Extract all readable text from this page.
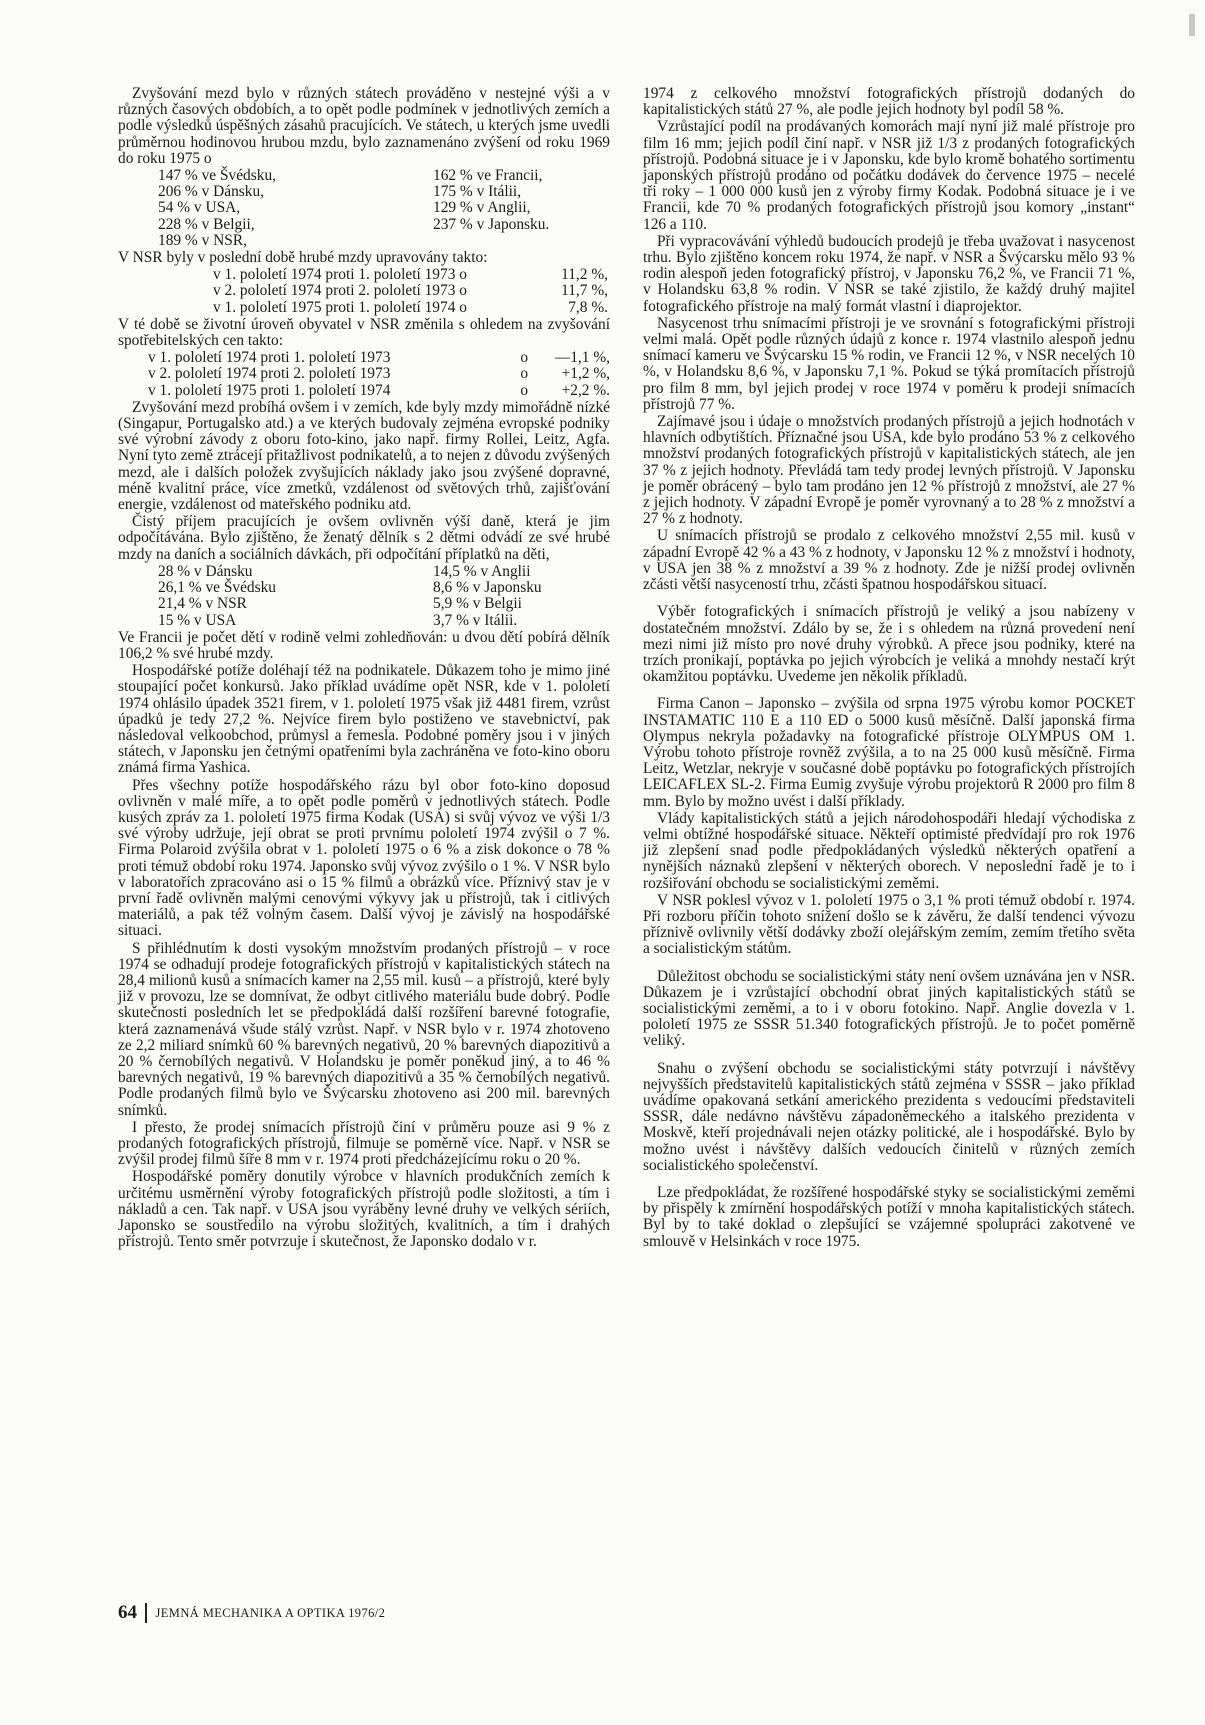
Zvyšování mezd bylo v různých státech prováděno v nestejné výši a v různých časových obdobích, a to opět podle podmínek v jednotlivých zemích a podle výsledků úspěšných zásahů pracujících. Ve státech, u kterých jsme uvedli průměrnou hodinovou hrubou mzdu, bylo zaznamenáno zvýšení od roku 1969 do roku 1975 o

147 % ve Švédsku,	162 % ve Francii,
206 % v Dánsku,	175 % v Itálii,
54 % v USA,	129 % v Anglii,
228 % v Belgii,	237 % v Japonsku.
189 % v NSR,	

V NSR byly v poslední době hrubé mzdy upravovány takto:

v 1. pololetí 1974 proti 1. pololetí 1973 o	11,2 %,
v 2. pololetí 1974 proti 2. pololetí 1973 o	11,7 %,
v 1. pololetí 1975 proti 1. pololetí 1974 o	7,8 %.

V té době se životní úroveň obyvatel v NSR změnila s ohledem na zvyšování spotřebitelských cen takto:

v 1. pololetí 1974 proti 1. pololetí 1973	o	—1,1 %,
v 2. pololetí 1974 proti 2. pololetí 1973	o	+1,2 %,
v 1. pololetí 1975 proti 1. pololetí 1974	o	+2,2 %.

Zvyšování mezd probíhá ovšem i v zemích, kde byly mzdy mimořádně nízké (Singapur, Portugalsko atd.) a ve kterých budovaly zejména evropské podniky své výrobní závody z oboru foto-kino, jako např. firmy Rollei, Leitz, Agfa. Nyní tyto země ztrácejí přitažlivost podnikatelů, a to nejen z důvodu zvýšených mezd, ale i dalších položek zvyšujících náklady jako jsou zvýšené dopravné, méně kvalitní práce, více zmetků, vzdálenost od světových trhů, zajišťování energie, vzdálenost od mateřského podniku atd.

Čistý příjem pracujících je ovšem ovlivněn výší daně, která je jim odpočítávána. Bylo zjištěno, že ženatý dělník s 2 dětmi odvádí ze své hrubé mzdy na daních a sociálních dávkách, při odpočítání příplatků na děti,

28 % v Dánsku	14,5 % v Anglii
26,1 % ve Švédsku	8,6 % v Japonsku
21,4 % v NSR	5,9 % v Belgii
15 % v USA	3,7 % v Itálii.

Ve Francii je počet dětí v rodině velmi zohledňován: u dvou dětí pobírá dělník 106,2 % své hrubé mzdy.

Hospodářské potíže doléhají též na podnikatele. Důkazem toho je mimo jiné stoupající počet konkursů. Jako příklad uvádíme opět NSR, kde v 1. pololetí 1974 ohlásilo úpadek 3521 firem, v 1. pololetí 1975 však již 4481 firem, vzrůst úpadků je tedy 27,2 %. Nejvíce firem bylo postiženo ve stavebnictví, pak následoval velkoobchod, průmysl a řemesla. Podobné poměry jsou i v jiných státech, v Japonsku jen četnými opatřeními byla zachráněna ve foto-kino oboru známá firma Yashica.

Přes všechny potíže hospodářského rázu byl obor foto-kino doposud ovlivněn v malé míře, a to opět podle poměrů v jednotlivých státech. Podle kusých zpráv za 1. pololetí 1975 firma Kodak (USA) si svůj vývoz ve výši 1/3 své výroby udržuje, její obrat se proti prvnímu pololetí 1974 zvýšil o 7 %. Firma Polaroid zvýšila obrat v 1. pololetí 1975 o 6 % a zisk dokonce o 78 % proti témuž období roku 1974. Japonsko svůj vývoz zvýšilo o 1 %. V NSR bylo v laboratořích zpracováno asi o 15 % filmů a obrázků více. Příznivý stav je v první řadě ovlivněn malými cenovými výkyvy jak u přístrojů, tak i citlivých materiálů, a pak též volným časem. Další vývoj je závislý na hospodářské situaci.

S přihlédnutím k dosti vysokým množstvím prodaných přístrojů – v roce 1974 se odhadují prodeje fotografických přístrojů v kapitalistických státech na 28,4 milionů kusů a snímacích kamer na 2,55 mil. kusů – a přístrojů, které byly již v provozu, lze se domnívat, že odbyt citlivého materiálu bude dobrý. Podle skutečnosti posledních let se předpokládá další rozšíření barevné fotografie, která zaznamenává všude stálý vzrůst. Např. v NSR bylo v r. 1974 zhotoveno ze 2,2 miliard snímků 60 % barevných negativů, 20 % barevných diapozitivů a 20 % černobílých negativů. V Holandsku je poměr poněkud jiný, a to 46 % barevných negativů, 19 % barevných diapozitivů a 35 % černobílých negativů. Podle prodaných filmů bylo ve Švýcarsku zhotoveno asi 200 mil. barevných snímků.

I přesto, že prodej snímacích přístrojů činí v průměru pouze asi 9 % z prodaných fotografických přístrojů, filmuje se poměrně více. Např. v NSR se zvýšil prodej filmů šíře 8 mm v r. 1974 proti předcházejícímu roku o 20 %.

Hospodářské poměry donutily výrobce v hlavních produkčních zemích k určitému usměrnění výroby fotografických přístrojů podle složitosti, a tím i nákladů a cen. Tak např. v USA jsou vyráběny levné druhy ve velkých sériích, Japonsko se soustředilo na výrobu složitých, kvalitních, a tím i drahých přístrojů. Tento směr potvrzuje i skutečnost, že Japonsko dodalo v r.

1974 z celkového množství fotografických přístrojů dodaných do kapitalistických států 27 %, ale podle jejich hodnoty byl podíl 58 %.

Vzrůstající podíl na prodávaných komorách mají nyní již malé přístroje pro film 16 mm; jejich podíl činí např. v NSR již 1/3 z prodaných fotografických přístrojů. Podobná situace je i v Japonsku, kde bylo kromě bohatého sortimentu japonských přístrojů prodáno od počátku dodávek do července 1975 – necelé tři roky – 1 000 000 kusů jen z výroby firmy Kodak. Podobná situace je i ve Francii, kde 70 % prodaných fotografických přístrojů jsou komory „instant“ 126 a 110.

Při vypracovávání výhledů budoucích prodejů je třeba uvažovat i nasycenost trhu. Bylo zjištěno koncem roku 1974, že např. v NSR a Švýcarsku mělo 93 % rodin alespoň jeden fotografický přístroj, v Japonsku 76,2 %, ve Francii 71 %, v Holandsku 63,8 % rodin. V NSR se také zjistilo, že každý druhý majitel fotografického přístroje na malý formát vlastní i diaprojektor.

Nasycenost trhu snímacími přístroji je ve srovnání s fotografickými přístroji velmi malá. Opět podle různých údajů z konce r. 1974 vlastnilo alespoň jednu snímací kameru ve Švýcarsku 15 % rodin, ve Francii 12 %, v NSR necelých 10 %, v Holandsku 8,6 %, v Japonsku 7,1 %. Pokud se týká promítacích přístrojů pro film 8 mm, byl jejich prodej v roce 1974 v poměru k prodeji snímacích přístrojů 77 %.

Zajímavé jsou i údaje o množstvích prodaných přístrojů a jejich hodnotách v hlavních odbytištích. Příznačné jsou USA, kde bylo prodáno 53 % z celkového množství prodaných fotografických přístrojů v kapitalistických státech, ale jen 37 % z jejich hodnoty. Převládá tam tedy prodej levných přístrojů. V Japonsku je poměr obrácený – bylo tam prodáno jen 12 % přístrojů z množství, ale 27 % z jejich hodnoty. V západní Evropě je poměr vyrovnaný a to 28 % z množství a 27 % z hodnoty.

U snímacích přístrojů se prodalo z celkového množství 2,55 mil. kusů v západní Evropě 42 % a 43 % z hodnoty, v Japonsku 12 % z množství i hodnoty, v USA jen 38 % z množství a 39 % z hodnoty. Zde je nižší prodej ovlivněn zčásti větší nasyceností trhu, zčásti špatnou hospodářskou situací.

Výběr fotografických i snímacích přístrojů je veliký a jsou nabízeny v dostatečném množství. Zdálo by se, že i s ohledem na různá provedení není mezi nimi již místo pro nové druhy výrobků. A přece jsou podniky, které na trzích pronikají, poptávka po jejich výrobcích je veliká a mnohdy nestačí krýt okamžitou poptávku. Uvedeme jen několik příkladů.

Firma Canon – Japonsko – zvýšila od srpna 1975 výrobu komor POCKET INSTAMATIC 110 E a 110 ED o 5000 kusů měsíčně. Další japonská firma Olympus nekryla požadavky na fotografické přístroje OLYMPUS OM 1. Výrobu tohoto přístroje rovněž zvýšila, a to na 25 000 kusů měsíčně. Firma Leitz, Wetzlar, nekryje v současné době poptávku po fotografických přístrojích LEICAFLEX SL-2. Firma Eumig zvyšuje výrobu projektorů R 2000 pro film 8 mm. Bylo by možno uvést i další příklady.

Vlády kapitalistických států a jejich národohospodáři hledají východiska z velmi obtížné hospodářské situace. Někteří optimisté předvídají pro rok 1976 již zlepšení snad podle předpokládaných výsledků některých opatření a nynějších náznaků zlepšení v některých oborech. V neposlední řadě je to i rozšiřování obchodu se socialistickými zeměmi.

V NSR poklesl vývoz v 1. pololetí 1975 o 3,1 % proti témuž období r. 1974. Při rozboru příčin tohoto snížení došlo se k závěru, že další tendenci vývozu příznivě ovlivnily větší dodávky zboží olejářským zemím, zemím třetího světa a socialistickým státům.

Důležitost obchodu se socialistickými státy není ovšem uznávána jen v NSR. Důkazem je i vzrůstající obchodní obrat jiných kapitalistických států se socialistickými zeměmi, a to i v oboru fotokino. Např. Anglie dovezla v 1. pololetí 1975 ze SSSR 51.340 fotografických přístrojů. Je to počet poměrně veliký.

Snahu o zvýšení obchodu se socialistickými státy potvrzují i návštěvy nejvyšších představitelů kapitalistických států zejména v SSSR – jako příklad uvádíme opakovaná setkání amerického prezidenta s vedoucími představiteli SSSR, dále nedávno návštěvu západoněmeckého a italského prezidenta v Moskvě, kteří projednávali nejen otázky politické, ale i hospodářské. Bylo by možno uvést i návštěvy dalších vedoucích činitelů v různých zemích socialistického společenství.

Lze předpokládat, že rozšířené hospodářské styky se socialistickými zeměmi by přispěly k zmírnění hospodářských potíží v mnoha kapitalistických státech. Byl by to také doklad o zlepšující se vzájemné spolupráci zakotvené ve smlouvě v Helsinkách v roce 1975.

64 JEMNÁ MECHANIKA A OPTIKA 1976/2
